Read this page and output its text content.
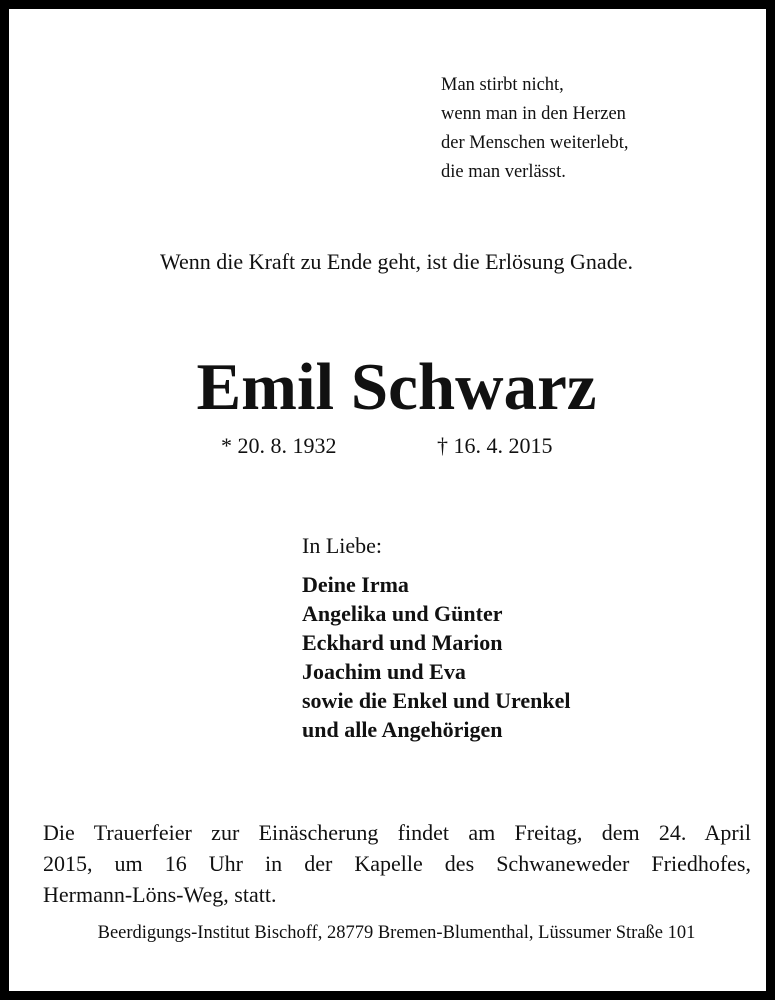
Man stirbt nicht,
wenn man in den Herzen
der Menschen weiterlebt,
die man verlässt.
Wenn die Kraft zu Ende geht, ist die Erlösung Gnade.
Emil Schwarz
* 20. 8. 1932	† 16. 4. 2015
In Liebe:
Deine Irma
Angelika und Günter
Eckhard und Marion
Joachim und Eva
sowie die Enkel und Urenkel
und alle Angehörigen
Die Trauerfeier zur Einäscherung findet am Freitag, dem 24. April
2015, um 16 Uhr in der Kapelle des Schwaneweder Friedhofes,
Hermann-Löns-Weg, statt.
Beerdigungs-Institut Bischoff, 28779 Bremen-Blumenthal, Lüssumer Straße 101
